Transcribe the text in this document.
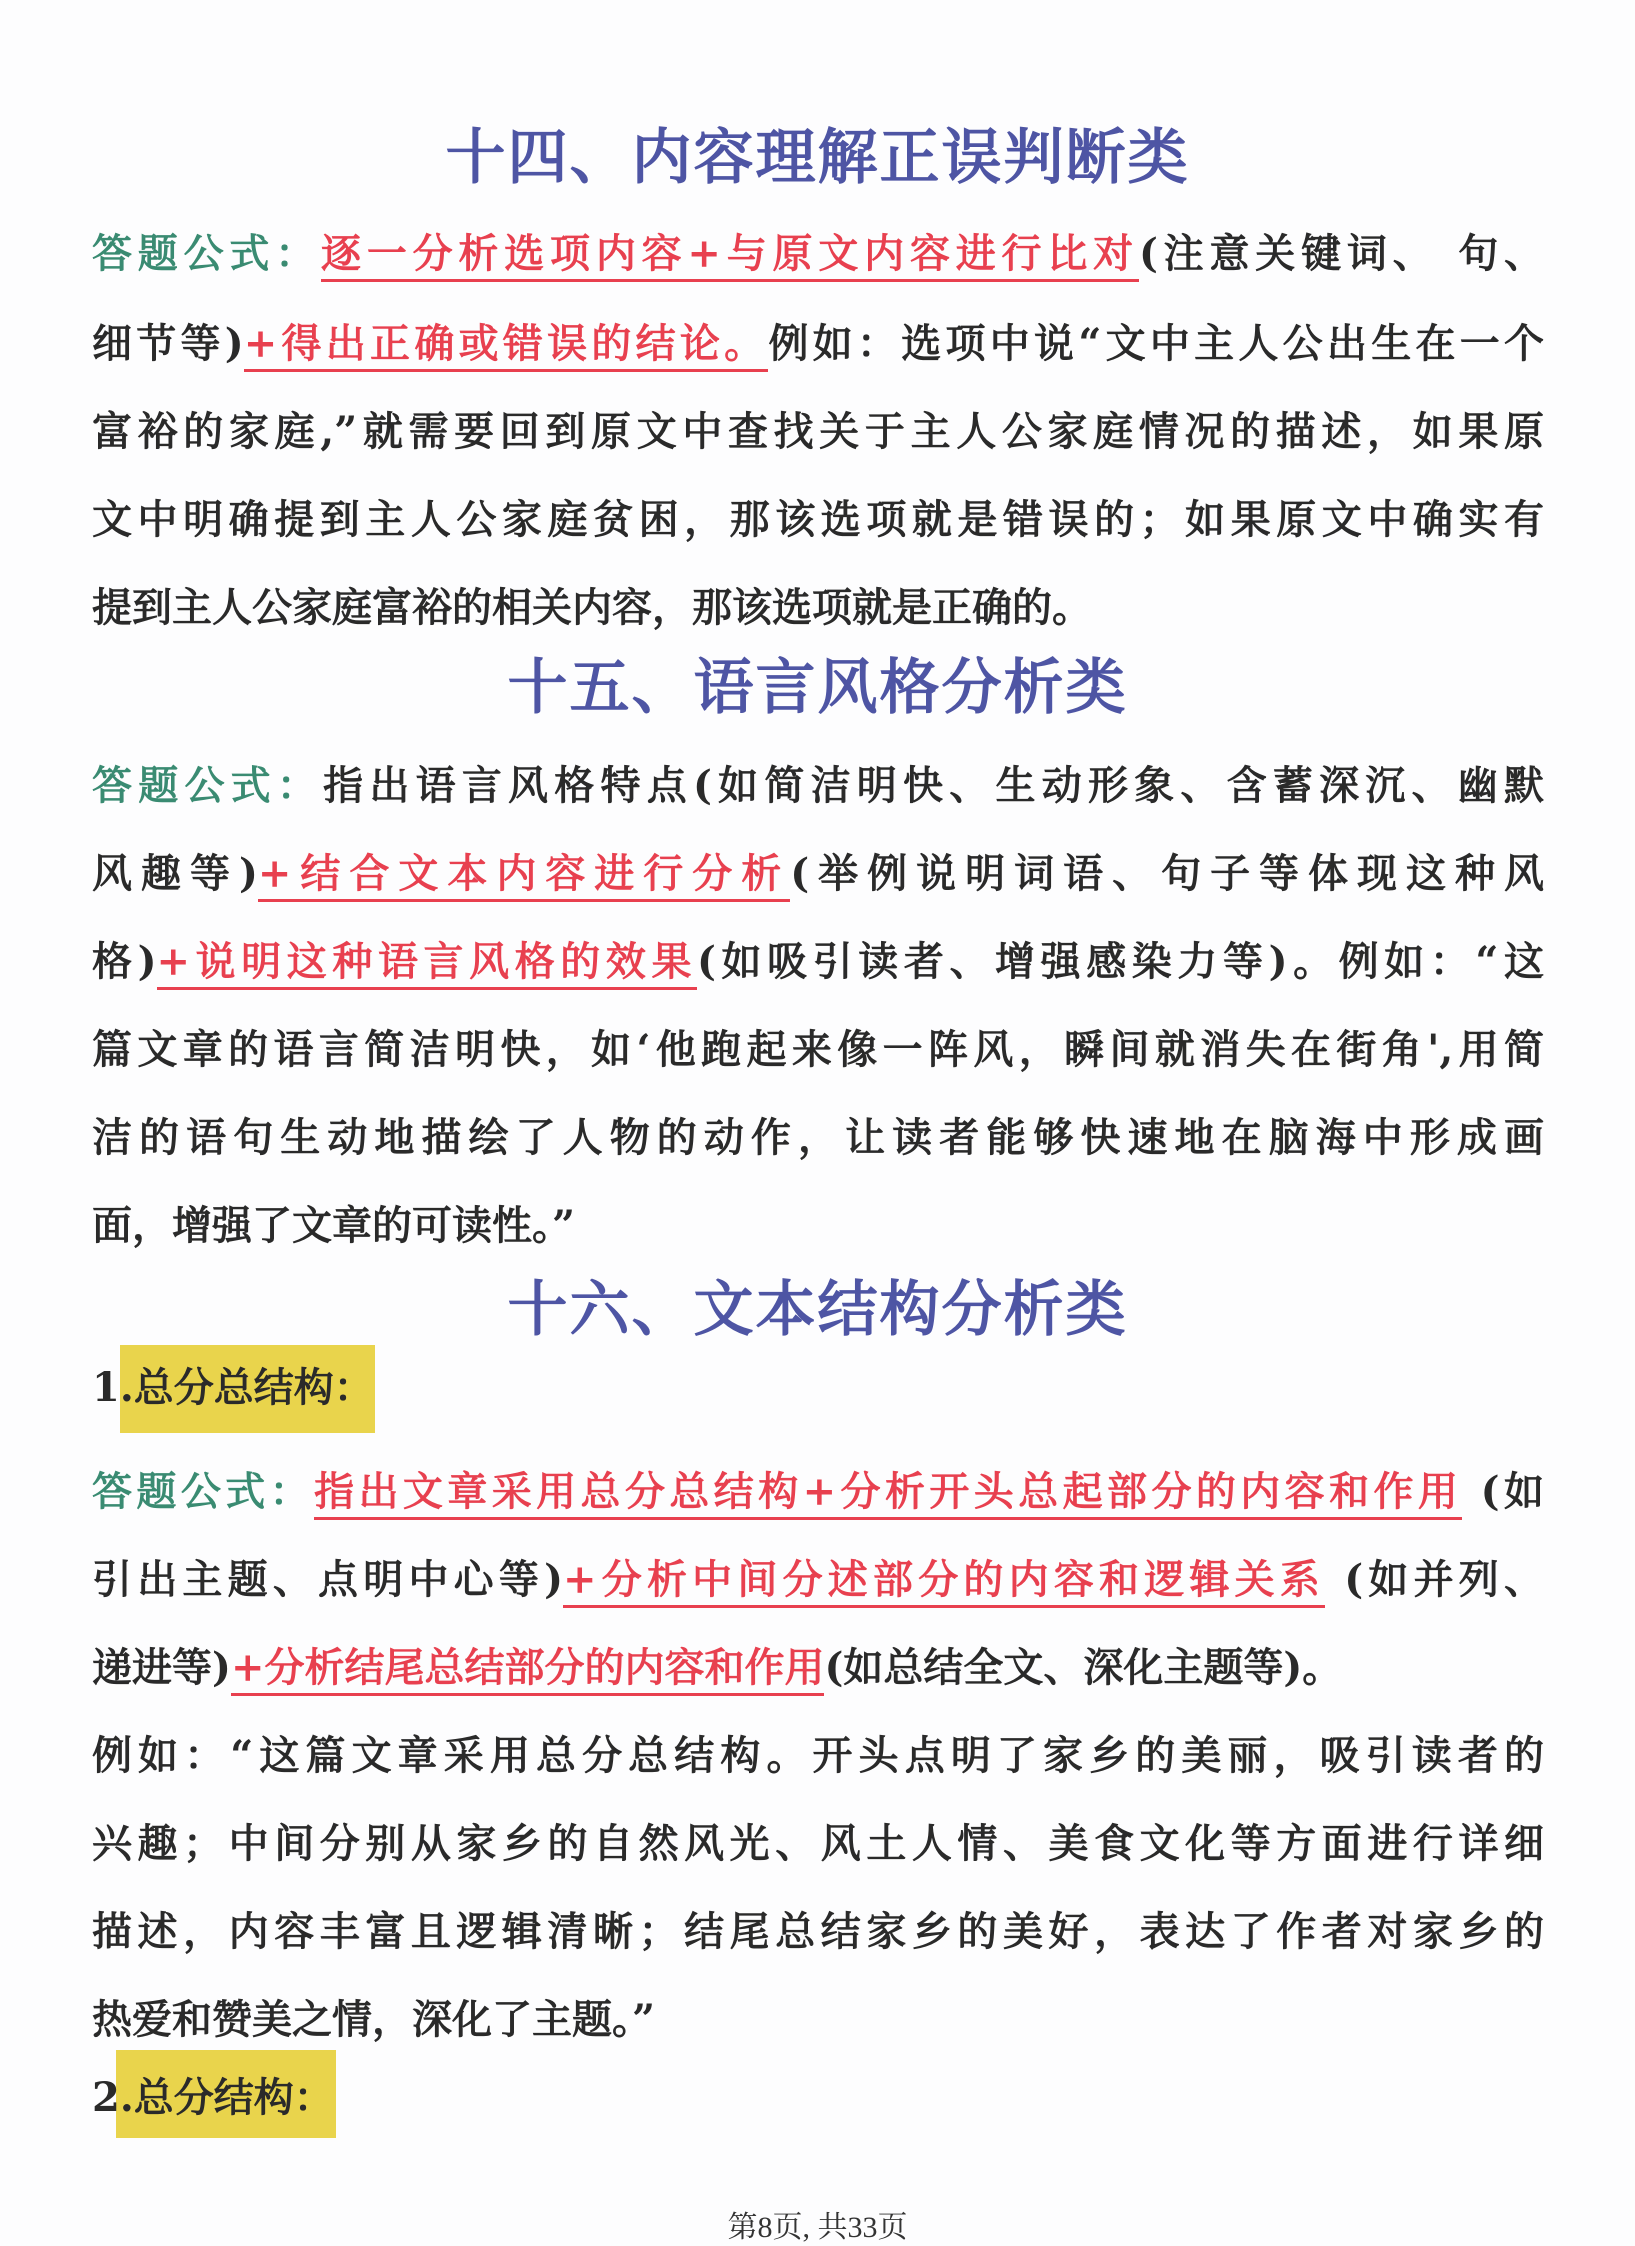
十四、内容理解正误判断类
答题公式：逐一分析选项内容+与原文内容进行比对(注意关键词、 句、
细节等)+得出正确或错误的结论。例如：选项中说“文中主人公出生在一个
富裕的家庭,”就需要回到原文中查找关于主人公家庭情况的描述，如果原
文中明确提到主人公家庭贫困，那该选项就是错误的；如果原文中确实有
提到主人公家庭富裕的相关内容，那该选项就是正确的。
十五、语言风格分析类
答题公式：指出语言风格特点(如简洁明快、生动形象、含蓄深沉、幽默
风趣等)+结合文本内容进行分析(举例说明词语、句子等体现这种风
格)+说明这种语言风格的效果(如吸引读者、增强感染力等)。例如：“这
篇文章的语言简洁明快，如‘他跑起来像一阵风，瞬间就消失在街角',用简
洁的语句生动地描绘了人物的动作，让读者能够快速地在脑海中形成画
面，增强了文章的可读性。”
十六、文本结构分析类
1.总分总结构：
答题公式：指出文章采用总分总结构+分析开头总起部分的内容和作用 (如
引出主题、点明中心等)+分析中间分述部分的内容和逻辑关系 (如并列、
递进等)+分析结尾总结部分的内容和作用(如总结全文、深化主题等)。
例如：“这篇文章采用总分总结构。开头点明了家乡的美丽，吸引读者的
兴趣；中间分别从家乡的自然风光、风土人情、美食文化等方面进行详细
描述，内容丰富且逻辑清晰；结尾总结家乡的美好，表达了作者对家乡的
热爱和赞美之情，深化了主题。”
2.总分结构：
第8页, 共33页
